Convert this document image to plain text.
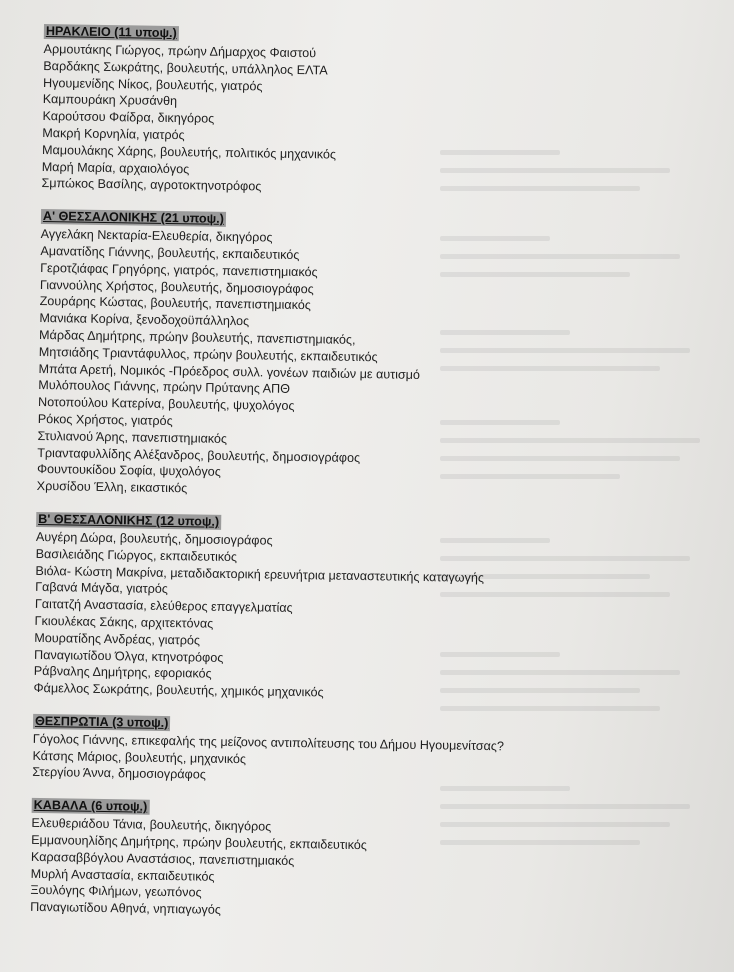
ΗΡΑΚΛΕΙΟ (11 υποψ.)
Αρμουτάκης Γιώργος, πρώην Δήμαρχος Φαιστού
Βαρδάκης Σωκράτης, βουλευτής, υπάλληλος ΕΛΤΑ
Ηγουμενίδης Νίκος, βουλευτής, γιατρός
Καμπουράκη Χρυσάνθη
Καρούτσου Φαίδρα, δικηγόρος
Μακρή Κορνηλία, γιατρός
Μαμουλάκης Χάρης, βουλευτής, πολιτικός μηχανικός
Μαρή Μαρία, αρχαιολόγος
Σμπώκος Βασίλης, αγροτοκτηνοτρόφος
Α' ΘΕΣΣΑΛΟΝΙΚΗΣ (21 υποψ.)
Αγγελάκη Νεκταρία-Ελευθερία, δικηγόρος
Αμανατίδης Γιάννης, βουλευτής, εκπαιδευτικός
Γεροτζιάφας Γρηγόρης, γιατρός, πανεπιστημιακός
Γιαννούλης Χρήστος, βουλευτής, δημοσιογράφος
Ζουράρης Κώστας, βουλευτής, πανεπιστημιακός
Μανιάκα Κορίνα, ξενοδοχοϋπάλληλος
Μάρδας Δημήτρης, πρώην βουλευτής, πανεπιστημιακός,
Μητσιάδης Τριαντάφυλλος, πρώην βουλευτής, εκπαιδευτικός
Μπάτα Αρετή, Νομικός -Πρόεδρος συλλ. γονέων παιδιών με αυτισμό
Μυλόπουλος Γιάννης, πρώην Πρύτανης ΑΠΘ
Νοτοπούλου Κατερίνα, βουλευτής, ψυχολόγος
Ρόκος Χρήστος, γιατρός
Στυλιανού Άρης, πανεπιστημιακός
Τριανταφυλλίδης Αλέξανδρος, βουλευτής, δημοσιογράφος
Φουντουκίδου Σοφία, ψυχολόγος
Χρυσίδου Έλλη, εικαστικός
Β' ΘΕΣΣΑΛΟΝΙΚΗΣ (12 υποψ.)
Αυγέρη Δώρα, βουλευτής, δημοσιογράφος
Βασιλειάδης Γιώργος, εκπαιδευτικός
Βιόλα- Κώστη Μακρίνα, μεταδιδακτορική ερευνήτρια μεταναστευτικής καταγωγής
Γαβανά Μάγδα, γιατρός
Γαιτατζή Αναστασία, ελεύθερος επαγγελματίας
Γκιουλέκας Σάκης, αρχιτεκτόνας
Μουρατίδης Ανδρέας, γιατρός
Παναγιωτίδου Όλγα, κτηνοτρόφος
Ράβναλης Δημήτρης, εφοριακός
Φάμελλος Σωκράτης, βουλευτής, χημικός μηχανικός
ΘΕΣΠΡΩΤΙΑ (3 υποψ.)
Γόγολος Γιάννης, επικεφαλής της μείζονος αντιπολίτευσης του Δήμου Ηγουμενίτσας?
Κάτσης Μάριος, βουλευτής, μηχανικός
Στεργίου Άννα, δημοσιογράφος
ΚΑΒΑΛΑ (6 υποψ.)
Ελευθεριάδου Τάνια, βουλευτής, δικηγόρος
Εμμανουηλίδης Δημήτρης, πρώην βουλευτής, εκπαιδευτικός
Καρασαββόγλου Αναστάσιος, πανεπιστημιακός
Μυρλή Αναστασία, εκπαιδευτικός
Ξουλόγης Φιλήμων, γεωπόνος
Παναγιωτίδου Αθηνά, νηπιαγωγός
